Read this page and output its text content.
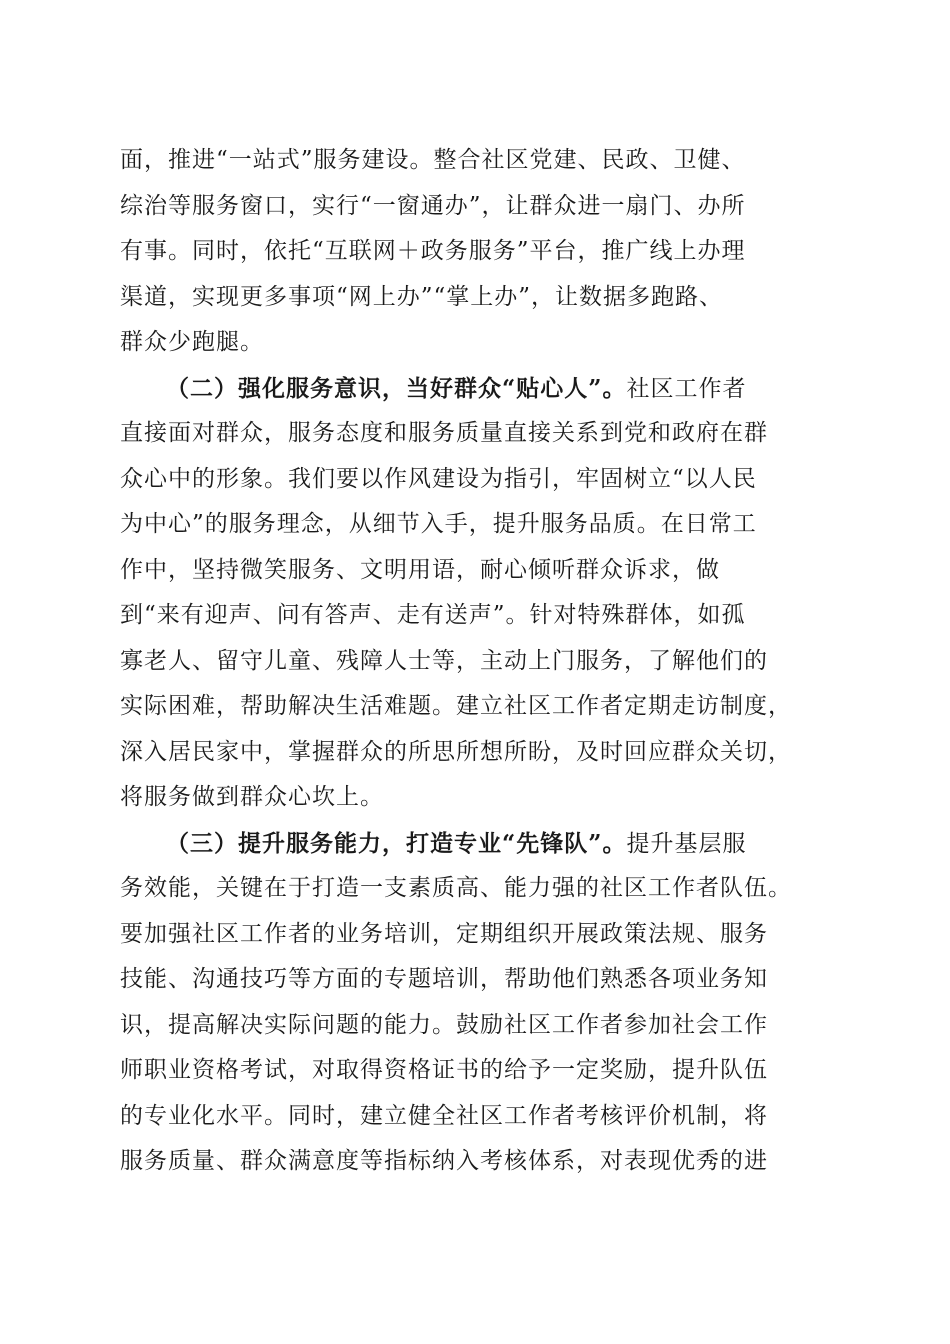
面，推进“一站式”服务建设。整合社区党建、民政、卫健、
综治等服务窗口，实行“一窗通办”，让群众进一扇门、办所
有事。同时，依托“互联网＋政务服务”平台，推广线上办理
渠道，实现更多事项“网上办”“掌上办”，让数据多跑路、
群众少跑腿。
（二）强化服务意识，当好群众“贴心人”。社区工作者
直接面对群众，服务态度和服务质量直接关系到党和政府在群
众心中的形象。我们要以作风建设为指引，牢固树立“以人民
为中心”的服务理念，从细节入手，提升服务品质。在日常工
作中，坚持微笑服务、文明用语，耐心倾听群众诉求，做
到“来有迎声、问有答声、走有送声”。针对特殊群体，如孤
寡老人、留守儿童、残障人士等，主动上门服务，了解他们的
实际困难，帮助解决生活难题。建立社区工作者定期走访制度，
深入居民家中，掌握群众的所思所想所盼，及时回应群众关切，
将服务做到群众心坎上。
（三）提升服务能力，打造专业“先锋队”。提升基层服
务效能，关键在于打造一支素质高、能力强的社区工作者队伍。
要加强社区工作者的业务培训，定期组织开展政策法规、服务
技能、沟通技巧等方面的专题培训，帮助他们熟悉各项业务知
识，提高解决实际问题的能力。鼓励社区工作者参加社会工作
师职业资格考试，对取得资格证书的给予一定奖励，提升队伍
的专业化水平。同时，建立健全社区工作者考核评价机制，将
服务质量、群众满意度等指标纳入考核体系，对表现优秀的进
